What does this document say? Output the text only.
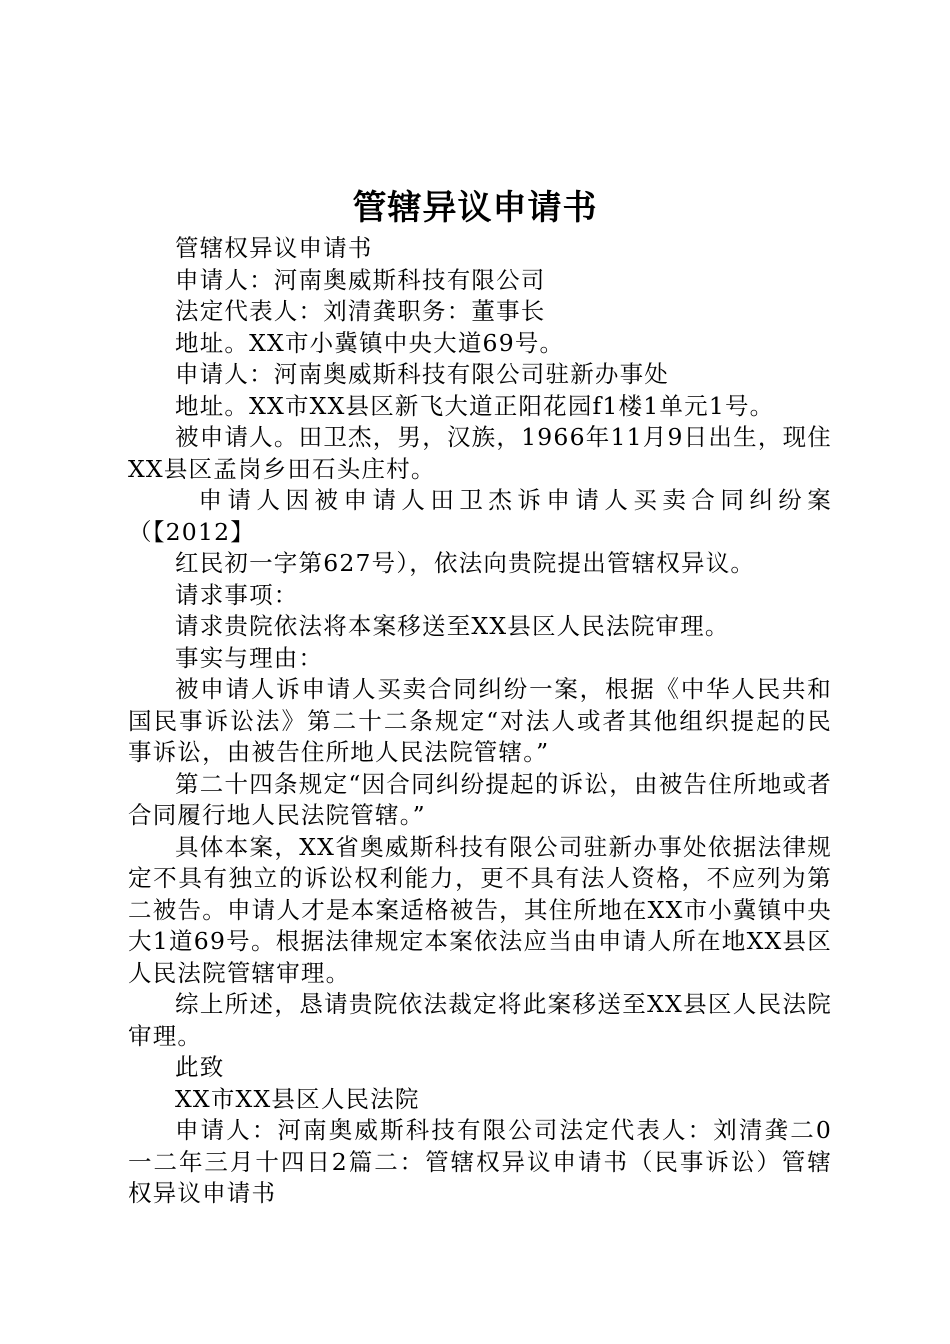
管辖异议申请书

管辖权异议申请书

申请人：河南奥威斯科技有限公司

法定代表人：刘清龚职务：董事长

地址。XX市小冀镇中央大道69号。

申请人：河南奥威斯科技有限公司驻新办事处

地址。XX市XX县区新飞大道正阳花园f1楼1单元1号。

被申请人。田卫杰，男，汉族，1966年11月9日出生，现住XX县区孟岗乡田石头庄村。

申请人因被申请人田卫杰诉申请人买卖合同纠纷案（【2012】

红民初一字第627号），依法向贵院提出管辖权异议。

请求事项：

请求贵院依法将本案移送至XX县区人民法院审理。

事实与理由：

被申请人诉申请人买卖合同纠纷一案，根据《中华人民共和国民事诉讼法》第二十二条规定“对法人或者其他组织提起的民事诉讼，由被告住所地人民法院管辖。”

第二十四条规定“因合同纠纷提起的诉讼，由被告住所地或者合同履行地人民法院管辖。”

具体本案，XX省奥威斯科技有限公司驻新办事处依据法律规定不具有独立的诉讼权利能力，更不具有法人资格，不应列为第二被告。申请人才是本案适格被告，其住所地在XX市小冀镇中央大1道69号。根据法律规定本案依法应当由申请人所在地XX县区人民法院管辖审理。

综上所述，恳请贵院依法裁定将此案移送至XX县区人民法院审理。

此致

XX市XX县区人民法院

申请人：河南奥威斯科技有限公司法定代表人：刘清龚二0一二年三月十四日2篇二：管辖权异议申请书（民事诉讼）管辖权异议申请书
